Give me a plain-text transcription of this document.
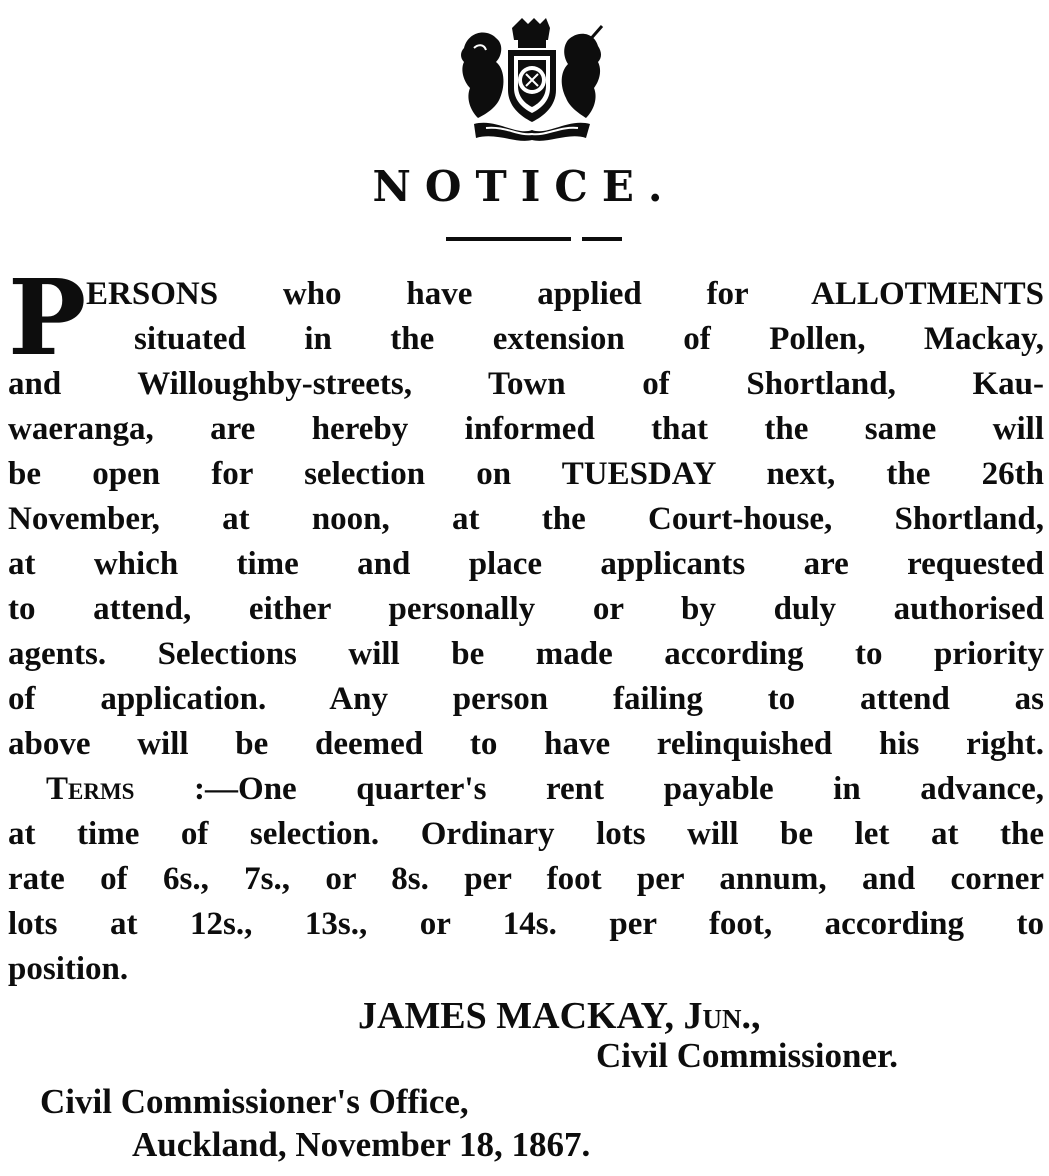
NOTICE.
P ERSONS who have applied for ALLOTMENTS
situated in the extension of Pollen, Mackay,
and Willoughby-streets, Town of Shortland, Kau-
waeranga, are hereby informed that the same will
be open for selection on TUESDAY next, the 26th
November, at noon, at the Court-house, Shortland,
at which time and place applicants are requested
to attend, either personally or by duly authorised
agents. Selections will be made according to priority
of application. Any person failing to attend as
above will be deemed to have relinquished his right.
Terms :—One quarter's rent payable in advance,
at time of selection. Ordinary lots will be let at the
rate of 6s., 7s., or 8s. per foot per annum, and corner
lots at 12s., 13s., or 14s. per foot, according to
position.
JAMES MACKAY, Jun.,
Civil Commissioner.
Civil Commissioner's Office,
Auckland, November 18, 1867.
